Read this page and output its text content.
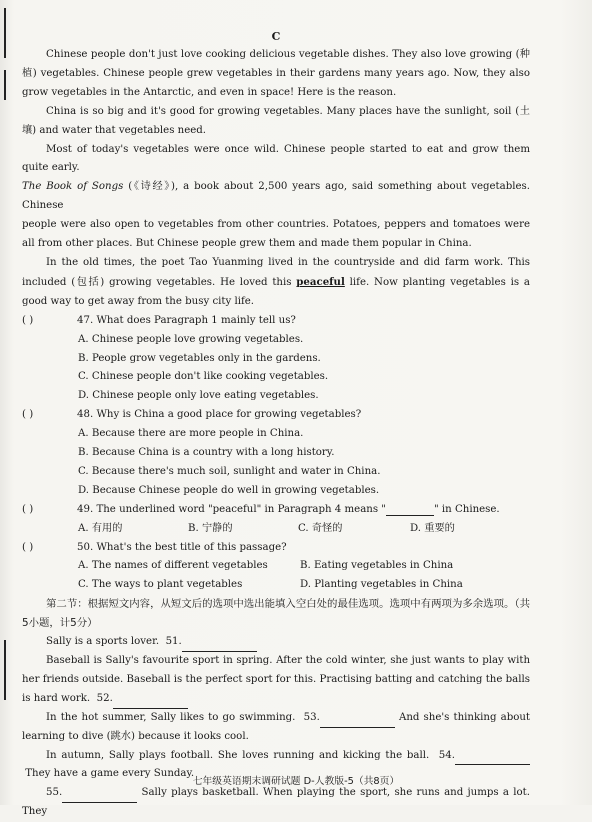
C

Chinese people don't just love cooking delicious vegetable dishes. They also love growing (种植) vegetables. Chinese people grew vegetables in their gardens many years ago. Now, they also grow vegetables in the Antarctic, and even in space! Here is the reason.

China is so big and it's good for growing vegetables. Many places have the sunlight, soil (土壤) and water that vegetables need.

Most of today's vegetables were once wild. Chinese people started to eat and grow them quite early.

The Book of Songs (《诗经》), a book about 2,500 years ago, said something about vegetables. Chinese

people were also open to vegetables from other countries. Potatoes, peppers and tomatoes were all from other places. But Chinese people grew them and made them popular in China.

In the old times, the poet Tao Yuanming lived in the countryside and did farm work. This included (包括) growing vegetables. He loved this peaceful life. Now planting vegetables is a good way to get away from the busy city life.

( )	47.
What does Paragraph 1 mainly tell us?
A. Chinese people love growing vegetables.
B. People grow vegetables only in the gardens.
C. Chinese people don't like cooking vegetables.
D. Chinese people only love eating vegetables.
( )	48.
Why is China a good place for growing vegetables?
A. Because there are more people in China.
B. Because China is a country with a long history.
C. Because there's much soil, sunlight and water in China.
D. Because Chinese people do well in growing vegetables.
( )	49.
The underlined word "peaceful" in Paragraph 4 means "	" in Chinese.
A. 有用的	B. 宁静的	C. 奇怪的	D. 重要的
( )	50.
What's the best title of this passage?
A. The names of different vegetables	B. Eating vegetables in China
C. The ways to plant vegetables	D. Planting vegetables in China

第二节：根据短文内容，从短文后的选项中选出能填入空白处的最佳选项。选项中有两项为多余选项。（共5小题，计5分）

Sally is a sports lover. 51.

Baseball is Sally's favourite sport in spring. After the cold winter, she just wants to play with her friends outside. Baseball is the perfect sport for this. Practising batting and catching the balls is hard work. 52.

In the hot summer, Sally likes to go swimming. 53.	And she's thinking about learning to dive (跳水) because it looks cool.

In autumn, Sally plays football. She loves running and kicking the ball. 54. They have a game every Sunday.

55.	Sally plays basketball. When playing the sport, she runs and jumps a lot. They

七年级英语期末调研试题 D-人教版-5（共8页）
